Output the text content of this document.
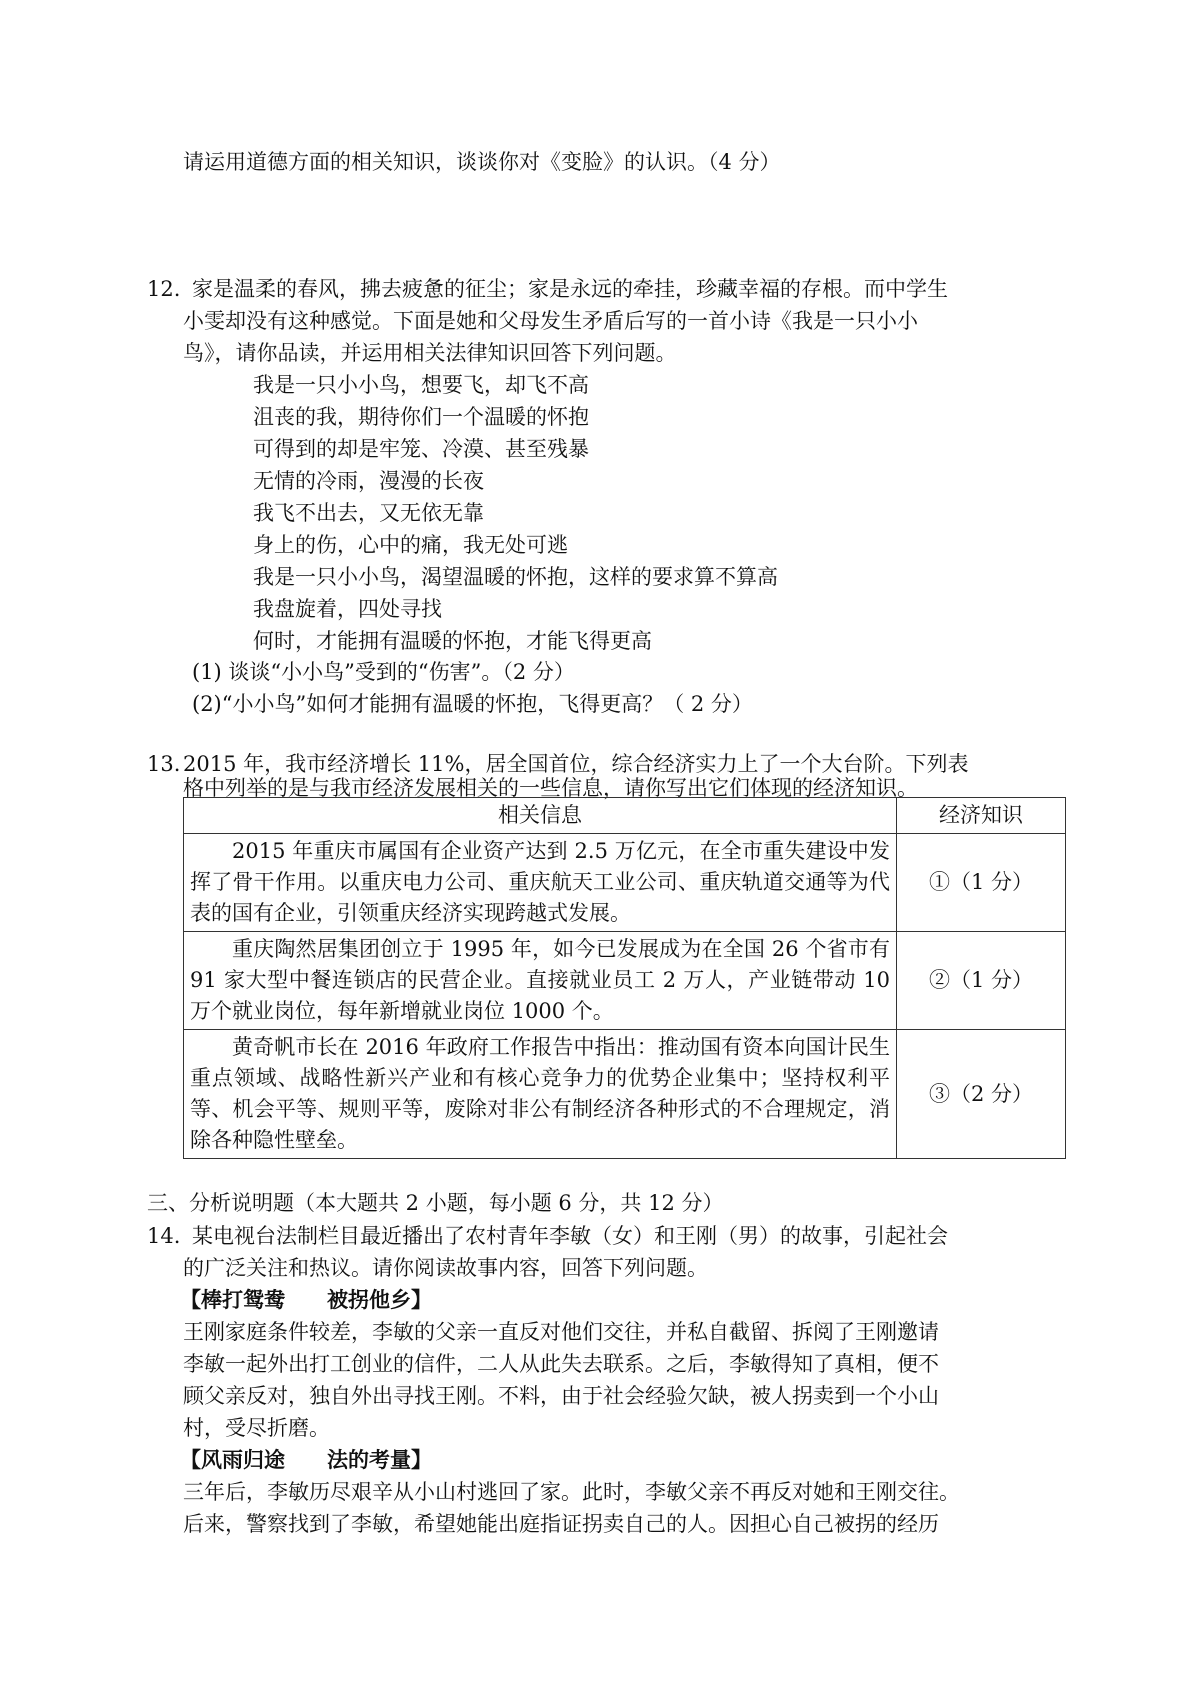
请运用道德方面的相关知识，谈谈你对《变脸》的认识。（4 分）
12. 家是温柔的春风，拂去疲惫的征尘；家是永远的牵挂，珍藏幸福的存根。而中学生
小雯却没有这种感觉。下面是她和父母发生矛盾后写的一首小诗《我是一只小小
鸟》，请你品读，并运用相关法律知识回答下列问题。
我是一只小小鸟，想要飞，却飞不高
沮丧的我，期待你们一个温暖的怀抱
可得到的却是牢笼、冷漠、甚至残暴
无情的冷雨，漫漫的长夜
我飞不出去，又无依无靠
身上的伤，心中的痛，我无处可逃
我是一只小小鸟，渴望温暖的怀抱，这样的要求算不算高
我盘旋着，四处寻找
何时，才能拥有温暖的怀抱，才能飞得更高
(1) 谈谈“小小鸟”受到的“伤害”。（2 分）
(2)“小小鸟”如何才能拥有温暖的怀抱，飞得更高？（ 2 分）
13. 2015 年，我市经济增长 11%，居全国首位，综合经济实力上了一个大台阶。下列表
格中列举的是与我市经济发展相关的一些信息，请你写出它们体现的经济知识。
相关信息	经济知识
2015 年重庆市属国有企业资产达到 2.5 万亿元，在全市重失建设中发挥了骨干作用。以重庆电力公司、重庆航天工业公司、重庆轨道交通等为代表的国有企业，引领重庆经济实现跨越式发展。	①（1 分）
重庆陶然居集团创立于 1995 年，如今已发展成为在全国 26 个省市有 91 家大型中餐连锁店的民营企业。直接就业员工 2 万人，产业链带动 10 万个就业岗位，每年新增就业岗位 1000 个。	②（1 分）
黄奇帆市长在 2016 年政府工作报告中指出：推动国有资本向国计民生重点领域、战略性新兴产业和有核心竞争力的优势企业集中；坚持权利平等、机会平等、规则平等，废除对非公有制经济各种形式的不合理规定，消除各种隐性壁垒。	③（2 分）
三、分析说明题（本大题共 2 小题，每小题 6 分，共 12 分）
14. 某电视台法制栏目最近播出了农村青年李敏（女）和王刚（男）的故事，引起社会
的广泛关注和热议。请你阅读故事内容，回答下列问题。
【棒打鸳鸯　　被拐他乡】
王刚家庭条件较差，李敏的父亲一直反对他们交往，并私自截留、拆阅了王刚邀请
李敏一起外出打工创业的信件，二人从此失去联系。之后，李敏得知了真相，便不
顾父亲反对，独自外出寻找王刚。不料，由于社会经验欠缺，被人拐卖到一个小山
村，受尽折磨。
【风雨归途　　法的考量】
三年后，李敏历尽艰辛从小山村逃回了家。此时，李敏父亲不再反对她和王刚交往。
后来，警察找到了李敏，希望她能出庭指证拐卖自己的人。因担心自己被拐的经历
